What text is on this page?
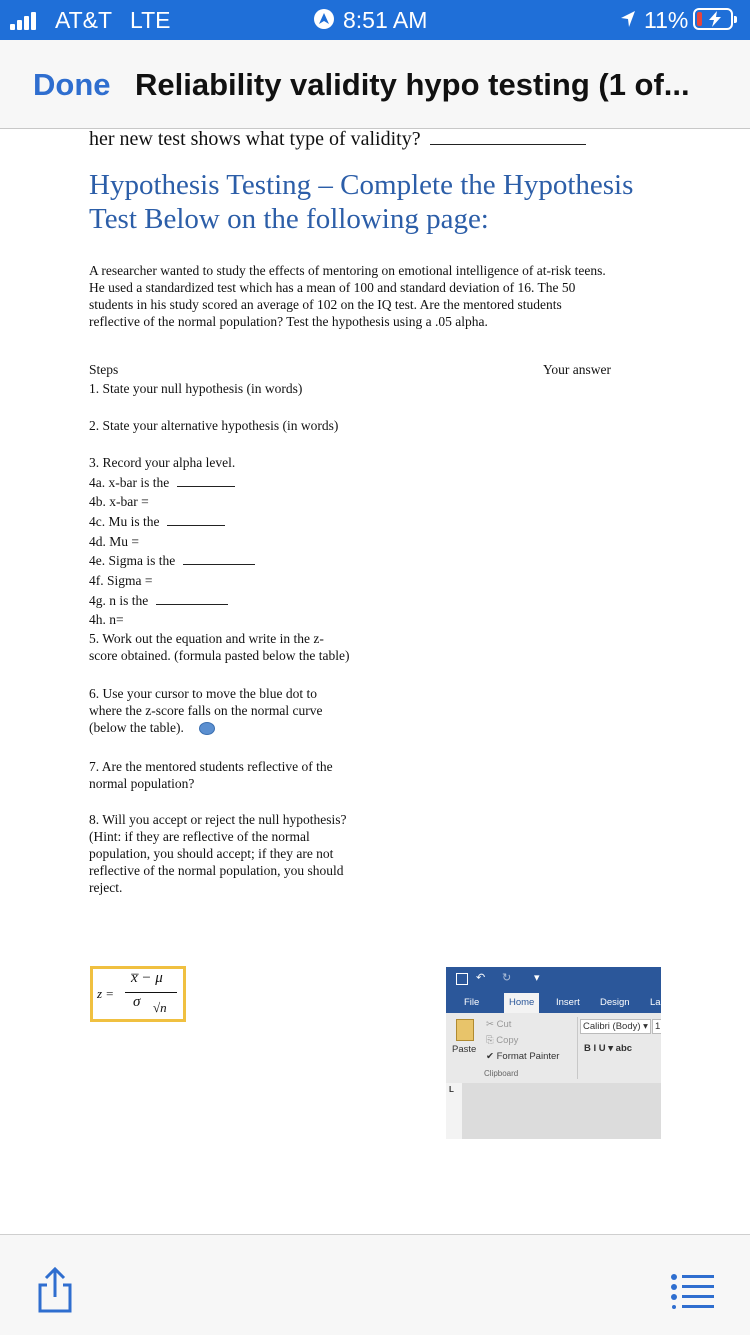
AT&T LTE	8:51 AM	11%
Done Reliability validity hypo testing (1 of...
her new test shows what type of validity?
Hypothesis Testing – Complete the Hypothesis
Test Below on the following page:
A researcher wanted to study the effects of mentoring on emotional intelligence of at-risk teens.
He used a standardized test which has a mean of 100 and standard deviation of 16. The 50
students in his study scored an average of 102 on the IQ test. Are the mentored students
reflective of the normal population? Test the hypothesis using a .05 alpha.
Steps	Your answer
1. State your null hypothesis (in words)
2. State your alternative hypothesis (in words)
3. Record your alpha level.
4a. x-bar is the
4b. x-bar =
4c. Mu is the
4d. Mu =
4e. Sigma is the
4f. Sigma =
4g. n is the
4h. n=
5. Work out the equation and write in the z-
score obtained. (formula pasted below the table)
6. Use your cursor to move the blue dot to
where the z-score falls on the normal curve
(below the table).
7. Are the mentored students reflective of the
normal population?
8. Will you accept or reject the null hypothesis?
(Hint: if they are reflective of the normal
population, you should accept; if they are not
reflective of the normal population, you should
reject.
z =
x̅ − μ
σ √n
↶ ↻ ▾
File	Home	Insert Design La
Paste
✂ Cut
⎘ Copy
✔ Format Painter
Clipboard
Calibri (Body) ▾ 1
B I U ▾ abc
L
